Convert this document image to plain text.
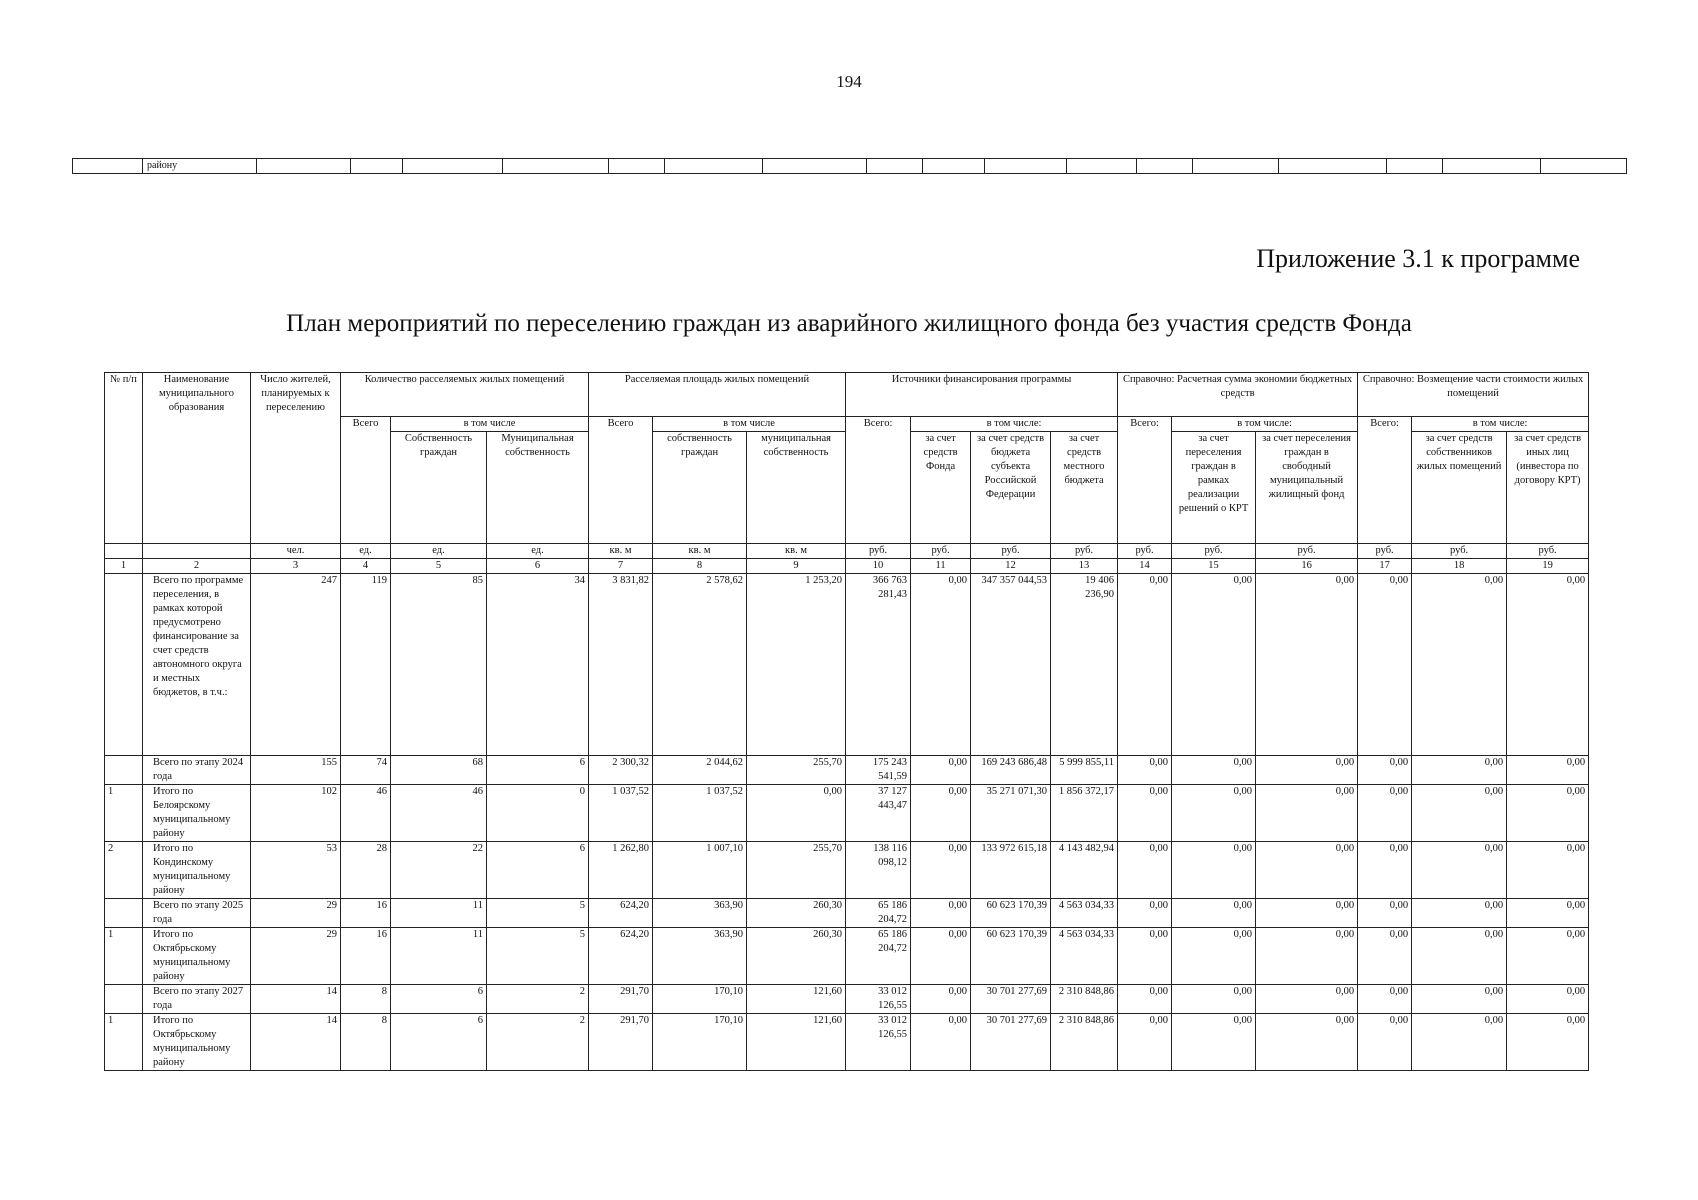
194
	району																	
Приложение 3.1 к программе
План мероприятий по переселению граждан из аварийного жилищного фонда без участия средств Фонда
№ п/п	Наименование муниципального образования	Число жителей, планируемых к переселению	Количество расселяемых жилых помещений			Расселяемая площадь жилых помещений			Источники финансирования программы				Справочно: Расчетная сумма экономии бюджетных средств			Справочно: Возмещение части стоимости жилых помещений		
			Всего	в том числе		Всего	в том числе		Всего:	в том числе:			Всего:	в том числе:		Всего:	в том числе:	
				Собственность граждан	Муниципальная собственность		собственность граждан	муниципальная собственность		за счет средств Фонда	за счет средств бюджета субъекта Российской Федерации	за счет средств местного бюджета		за счет переселения граждан в рамках реализации решений о КРТ	за счет переселения граждан в свободный муниципальный жилищный фонд		за счет средств собственников жилых помещений	за счет средств иных лиц (инвестора по договору КРТ)
		чел.	ед.	ед.	ед.	кв. м	кв. м	кв. м	руб.	руб.	руб.	руб.	руб.	руб.	руб.	руб.	руб.	руб.
1	2	3	4	5	6	7	8	9	10	11	12	13	14	15	16	17	18	19
	Всего по программе переселения, в рамках которой предусмотрено финансирование за счет средств автономного округа и местных бюджетов, в т.ч.:	247	119	85	34	3 831,82	2 578,62	1 253,20	366 763 281,43	0,00	347 357 044,53	19 406 236,90	0,00	0,00	0,00	0,00	0,00	0,00
	Всего по этапу 2024 года	155	74	68	6	2 300,32	2 044,62	255,70	175 243 541,59	0,00	169 243 686,48	5 999 855,11	0,00	0,00	0,00	0,00	0,00	0,00
1	Итого по Белоярскому муниципальному району	102	46	46	0	1 037,52	1 037,52	0,00	37 127 443,47	0,00	35 271 071,30	1 856 372,17	0,00	0,00	0,00	0,00	0,00	0,00
2	Итого по Кондинскому муниципальному району	53	28	22	6	1 262,80	1 007,10	255,70	138 116 098,12	0,00	133 972 615,18	4 143 482,94	0,00	0,00	0,00	0,00	0,00	0,00
	Всего по этапу 2025 года	29	16	11	5	624,20	363,90	260,30	65 186 204,72	0,00	60 623 170,39	4 563 034,33	0,00	0,00	0,00	0,00	0,00	0,00
1	Итого по Октябрьскому муниципальному району	29	16	11	5	624,20	363,90	260,30	65 186 204,72	0,00	60 623 170,39	4 563 034,33	0,00	0,00	0,00	0,00	0,00	0,00
	Всего по этапу 2027 года	14	8	6	2	291,70	170,10	121,60	33 012 126,55	0,00	30 701 277,69	2 310 848,86	0,00	0,00	0,00	0,00	0,00	0,00
1	Итого по Октябрьскому муниципальному району	14	8	6	2	291,70	170,10	121,60	33 012 126,55	0,00	30 701 277,69	2 310 848,86	0,00	0,00	0,00	0,00	0,00	0,00
